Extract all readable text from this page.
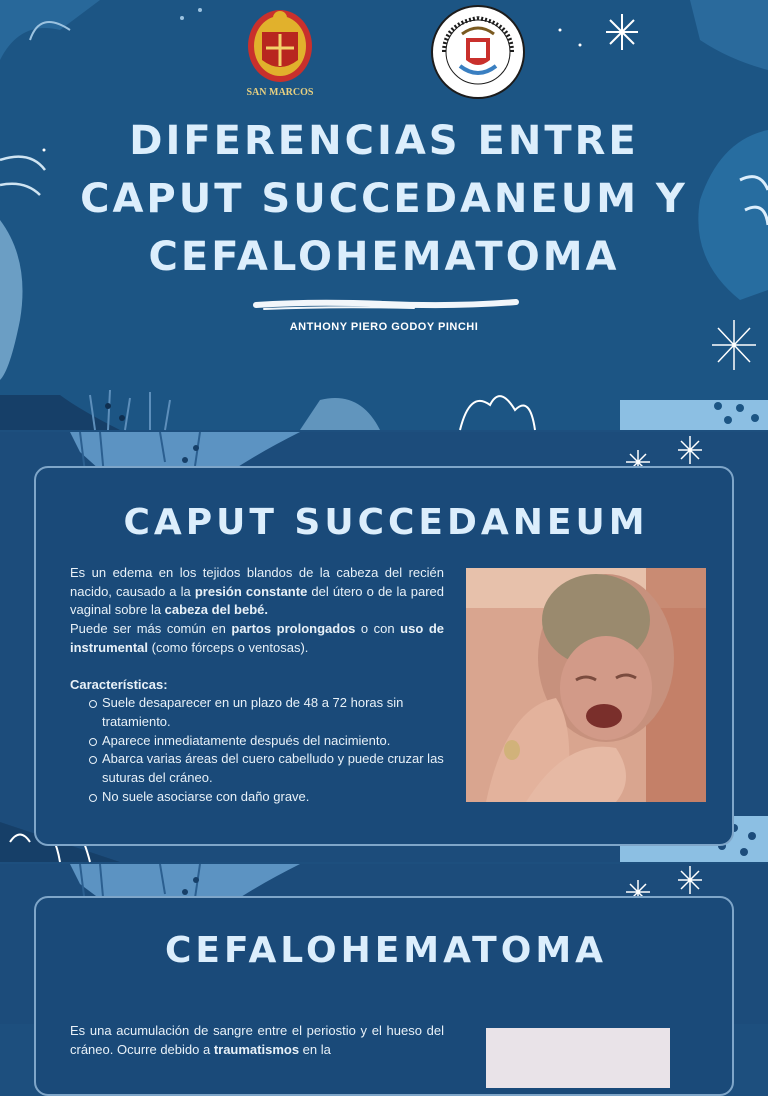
SAN MARCOS
DIFERENCIAS ENTRE CAPUT SUCCEDANEUM Y CEFALOHEMATOMA
ANTHONY PIERO GODOY PINCHI
CAPUT SUCCEDANEUM

Es un edema en los tejidos blandos de la cabeza del recién nacido, causado a la presión constante del útero o de la pared vaginal sobre la cabeza del bebé.

Puede ser más común en partos prolongados o con uso de instrumental (como fórceps o ventosas).

Características:

Suele desaparecer en un plazo de 48 a 72 horas sin tratamiento.
Aparece inmediatamente después del nacimiento.
Abarca varias áreas del cuero cabelludo y puede cruzar las suturas del cráneo.
No suele asociarse con daño grave.
CEFALOHEMATOMA

Es una acumulación de sangre entre el periostio y el hueso del cráneo. Ocurre debido a traumatismos en la
